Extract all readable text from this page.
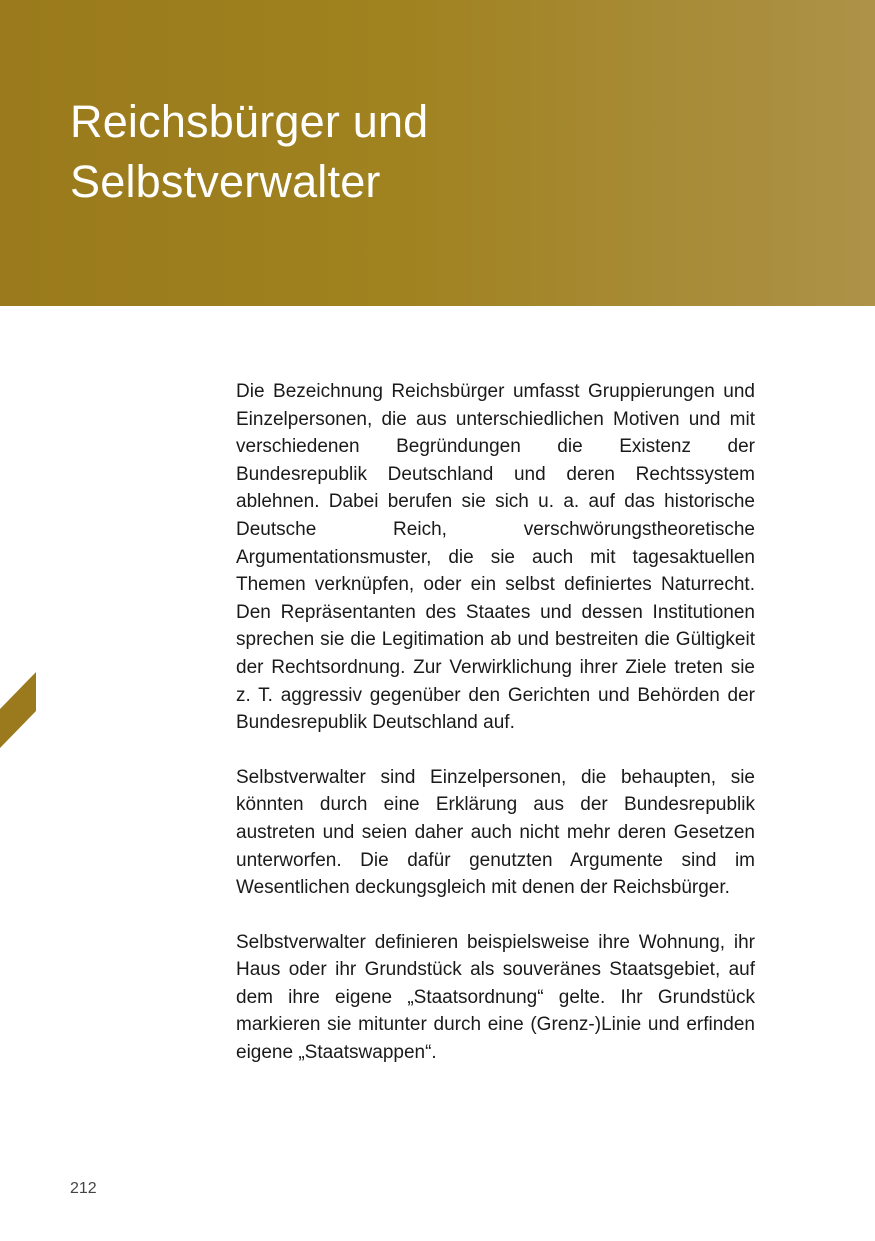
Reichsbürger und
Selbstverwalter

Die Bezeichnung Reichsbürger umfasst Gruppierungen und Einzelpersonen, die aus unterschiedlichen Motiven und mit verschiedenen Begründungen die Existenz der Bundesrepublik Deutschland und deren Rechtssystem ablehnen. Dabei berufen sie sich u. a. auf das historische Deutsche Reich, verschwörungstheoretische Argumentationsmuster, die sie auch mit tagesaktuellen Themen verknüpfen, oder ein selbst definiertes Naturrecht. Den Repräsentanten des Staates und dessen Institutionen sprechen sie die Legitimation ab und bestreiten die Gültigkeit der Rechtsordnung. Zur Verwirklichung ihrer Ziele treten sie z. T. aggressiv gegenüber den Gerichten und Behörden der Bundesrepublik Deutschland auf.

Selbstverwalter sind Einzelpersonen, die behaupten, sie könnten durch eine Erklärung aus der Bundesrepublik austreten und seien daher auch nicht mehr deren Gesetzen unterworfen. Die dafür genutzten Argumente sind im Wesentlichen deckungsgleich mit denen der Reichsbürger.

Selbstverwalter definieren beispielsweise ihre Wohnung, ihr Haus oder ihr Grundstück als souveränes Staatsgebiet, auf dem ihre eigene „Staatsordnung“ gelte. Ihr Grundstück markieren sie mitunter durch eine (Grenz-)Linie und erfinden eigene „Staatswappen“.

212
